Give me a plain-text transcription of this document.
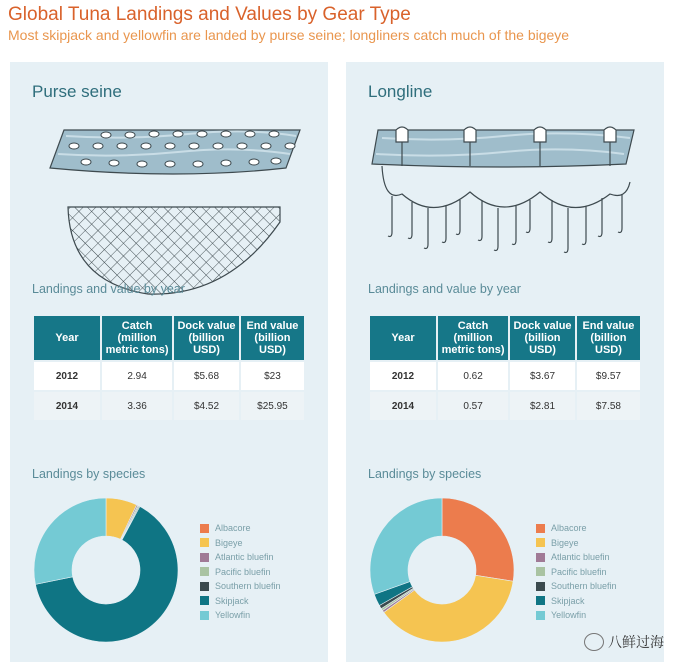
Global Tuna Landings and Values by Gear Type
Most skipjack and yellowfin are landed by purse seine; longliners catch much of the bigeye
Purse seine
Landings and value by year
Year	Catch (million metric tons)	Dock value (billion USD)	End value (billion USD)
2012	2.94	$5.68	$23
2014	3.36	$4.52	$25.95
Landings by species
Albacore
Bigeye
Atlantic bluefin
Pacific bluefin
Southern bluefin
Skipjack
Yellowfin
Longline
Landings and value by year
Year	Catch (million metric tons)	Dock value (billion USD)	End value (billion USD)
2012	0.62	$3.67	$9.57
2014	0.57	$2.81	$7.58
Landings by species
Albacore
Bigeye
Atlantic bluefin
Pacific bluefin
Southern bluefin
Skipjack
Yellowfin
八鲜过海
